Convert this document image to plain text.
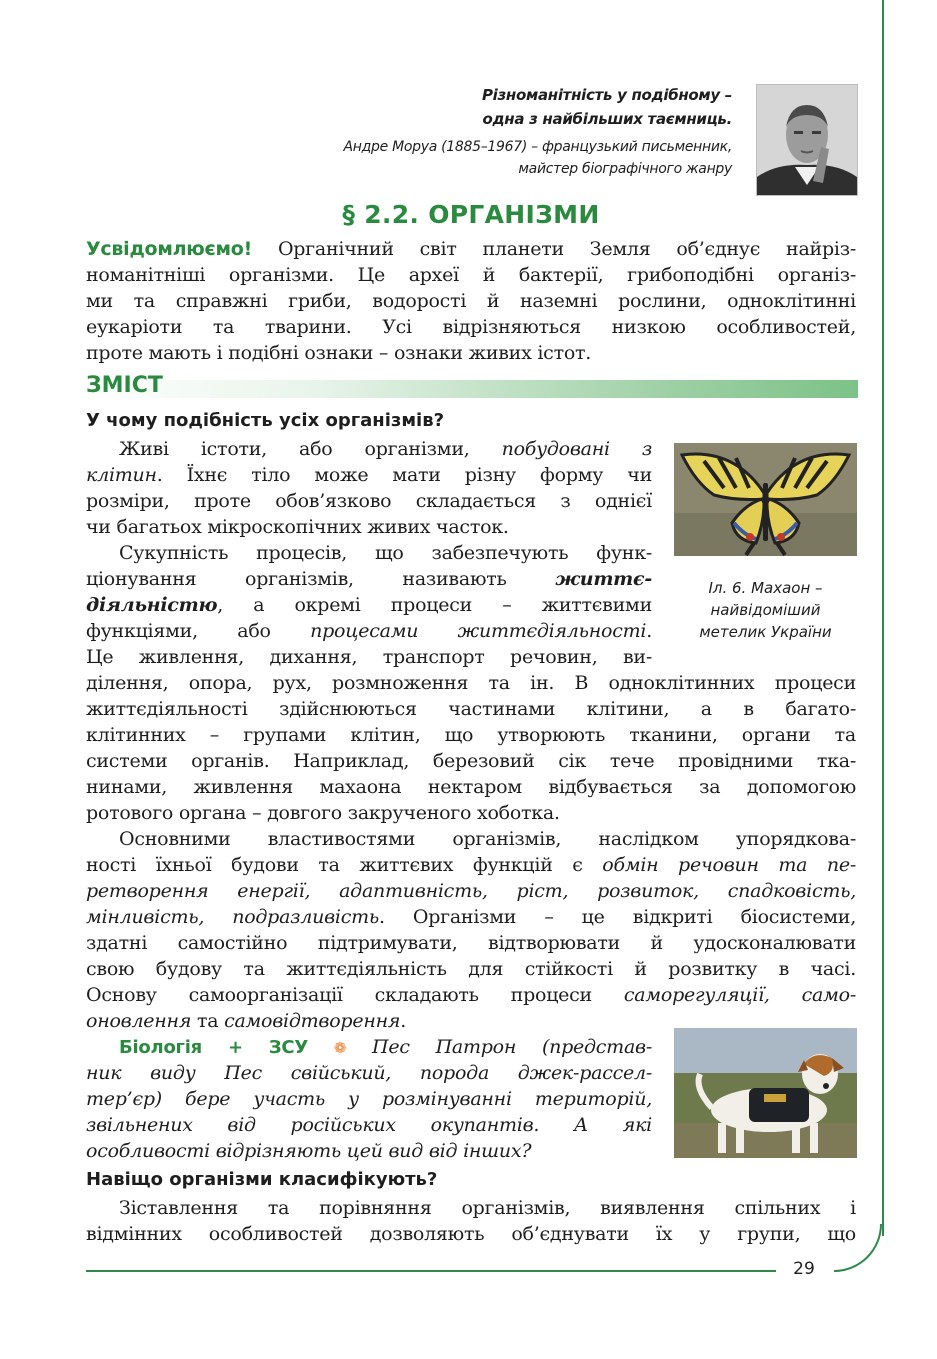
29
Різноманітність у подібному –
одна з найбільших таємниць.
Андре Моруа (1885–1967) – французький письменник,
майстер біографічного жанру
§ 2.2. ОРГАНІЗМИ
Усвідомлюємо! Органічний світ планети Земля об’єднує найріз-
номанітніші організми. Це археї й бактерії, грибоподібні організ-
ми та справжні гриби, водорості й наземні рослини, одноклітинні
еукаріоти та тварини. Усі відрізняються низкою особливостей,
проте мають і подібні ознаки – ознаки живих істот.
ЗМІСТ
У чому подібність усіх організмів?
Живі істоти, або організми, побудовані з
клітин. Їхнє тіло може мати різну форму чи
розміри, проте обов’язково складається з однієї
чи багатьох мікроскопічних живих часток.
Іл. 6. Махаон –
найвідоміший
метелик України
Сукупність процесів, що забезпечують функ-
ціонування організмів, називають життє-
діяльністю, а окремі процеси – життєвими
функціями, або процесами життєдіяльності.
Це живлення, дихання, транспорт речовин, ви-
ділення, опора, рух, розмноження та ін. В одноклітинних процеси
життєдіяльності здійснюються частинами клітини, а в багато-
клітинних – групами клітин, що утворюють тканини, органи та
системи органів. Наприклад, березовий сік тече провідними тка-
нинами, живлення махаона нектаром відбувається за допомогою
ротового органа – довгого закрученого хоботка.
Основними властивостями організмів, наслідком упорядкова-
ності їхньої будови та життєвих функцій є обмін речовин та пе-
ретворення енергії, адаптивність, ріст, розвиток, спадковість,
мінливість, подразливість. Організми – це відкриті біосистеми,
здатні самостійно підтримувати, відтворювати й удосконалювати
свою будову та життєдіяльність для стійкості й розвитку в часі.
Основу самоорганізації складають процеси саморегуляції, само-
оновлення та самовідтворення.
Біологія + ЗСУ ❁ Пес Патрон (представ-
ник виду Пес свійський, порода джек-рассел-
тер’єр) бере участь у розмінуванні територій,
звільнених від російських окупантів. А які
особливості відрізняють цей вид від інших?
Навіщо організми класифікують?
Зіставлення та порівняння організмів, виявлення спільних і
відмінних особливостей дозволяють об’єднувати їх у групи, що
